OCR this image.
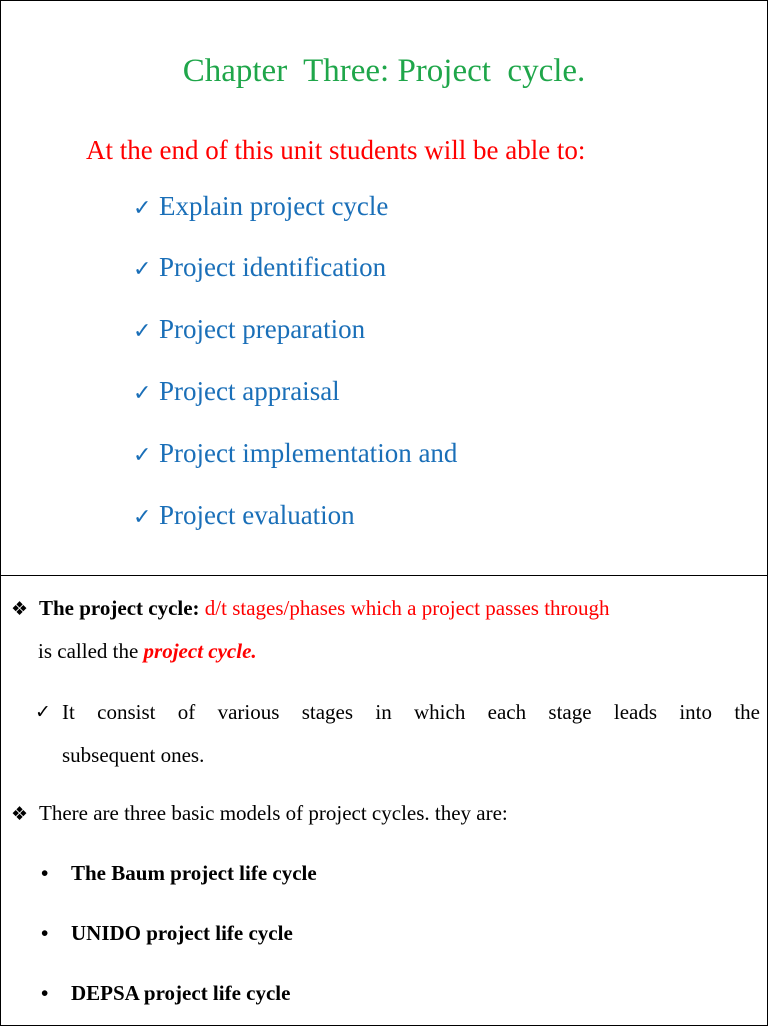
Chapter  Three: Project  cycle.
At the end of this unit students will be able to:
✓ Explain project cycle
✓ Project identification
✓ Project preparation
✓ Project appraisal
✓ Project implementation and
✓ Project evaluation
❖ The project cycle: d/t stages/phases which a project passes through
is called the project cycle.
✓ It consist of various stages in which each stage leads into the
subsequent ones.
❖ There are three basic models of project cycles. they are:
• The Baum project life cycle
• UNIDO project life cycle
• DEPSA project life cycle
